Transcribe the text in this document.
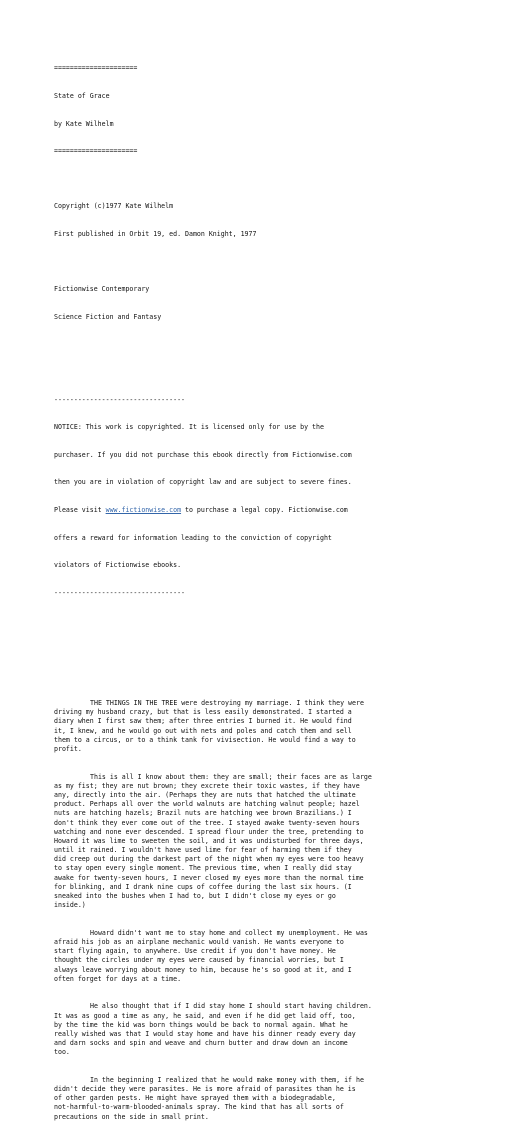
=====================

State of Grace

by Kate Wilhelm

=====================

Copyright (c)1977 Kate Wilhelm

First published in Orbit 19, ed. Damon Knight, 1977

Fictionwise Contemporary

Science Fiction and Fantasy

---------------------------------

NOTICE: This work is copyrighted. It is licensed only for use by the

purchaser. If you did not purchase this ebook directly from Fictionwise.com

then you are in violation of copyright law and are subject to severe fines.

Please visit www.fictionwise.com to purchase a legal copy. Fictionwise.com

offers a reward for information leading to the conviction of copyright

violators of Fictionwise ebooks.

---------------------------------

THE THINGS IN THE TREE were destroying my marriage. I think they were
driving my husband crazy, but that is less easily demonstrated. I started a
diary when I first saw them; after three entries I burned it. He would find
it, I knew, and he would go out with nets and poles and catch them and sell
them to a circus, or to a think tank for vivisection. He would find a way to
profit.

This is all I know about them: they are small; their faces are as large
as my fist; they are nut brown; they excrete their toxic wastes, if they have
any, directly into the air. (Perhaps they are nuts that hatched the ultimate
product. Perhaps all over the world walnuts are hatching walnut people; hazel
nuts are hatching hazels; Brazil nuts are hatching wee brown Brazilians.) I
don't think they ever come out of the tree. I stayed awake twenty-seven hours
watching and none ever descended. I spread flour under the tree, pretending to
Howard it was lime to sweeten the soil, and it was undisturbed for three days,
until it rained. I wouldn't have used lime for fear of harming them if they
did creep out during the darkest part of the night when my eyes were too heavy
to stay open every single moment. The previous time, when I really did stay
awake for twenty-seven hours, I never closed my eyes more than the normal time
for blinking, and I drank nine cups of coffee during the last six hours. (I
sneaked into the bushes when I had to, but I didn't close my eyes or go
inside.)

Howard didn't want me to stay home and collect my unemployment. He was
afraid his job as an airplane mechanic would vanish. He wants everyone to
start flying again, to anywhere. Use credit if you don't have money. He
thought the circles under my eyes were caused by financial worries, but I
always leave worrying about money to him, because he's so good at it, and I
often forget for days at a time.

He also thought that if I did stay home I should start having children.
It was as good a time as any, he said, and even if he did get laid off, too,
by the time the kid was born things would be back to normal again. What he
really wished was that I would stay home and have his dinner ready every day
and darn socks and spin and weave and churn butter and draw down an income
too.

In the beginning I realized that he would make money with them, if he
didn't decide they were parasites. He is more afraid of parasites than he is
of other garden pests. He might have sprayed them with a biodegradable,
not-harmful-to-warm-blooded-animals spray. The kind that has all sorts of
precautions on the side in small print.
